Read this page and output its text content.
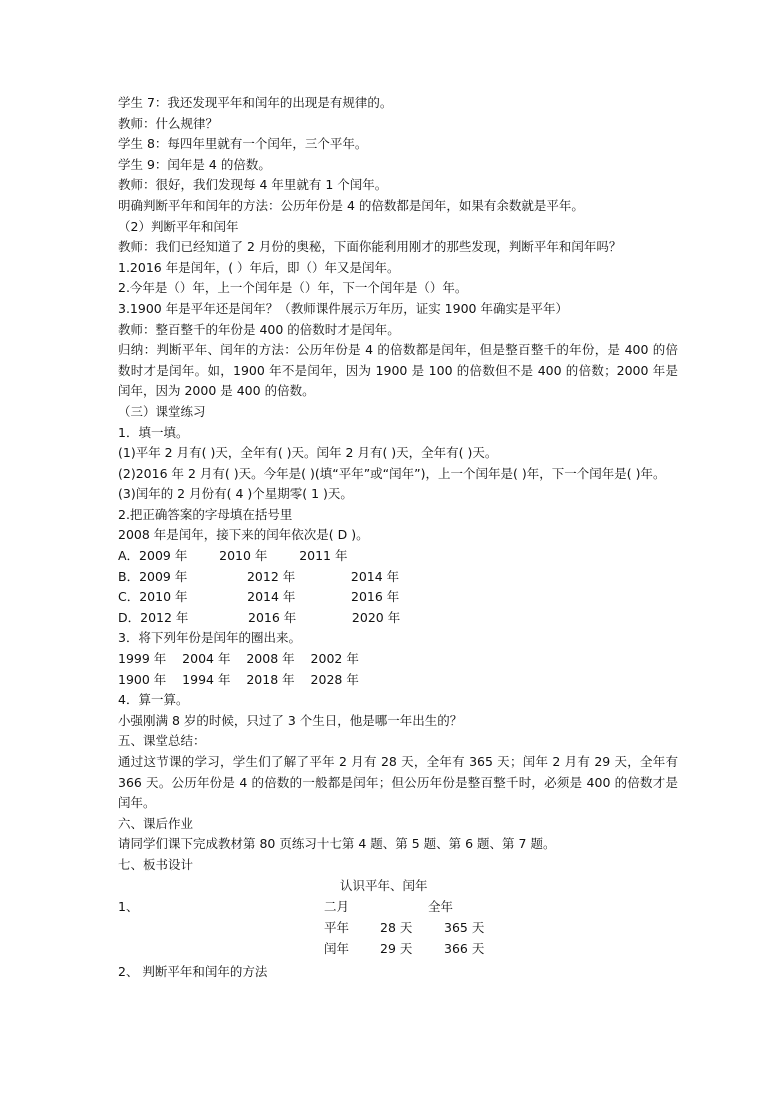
学生 7：我还发现平年和闰年的出现是有规律的。

教师：什么规律？

学生 8：每四年里就有一个闰年，三个平年。

学生 9：闰年是 4 的倍数。

教师：很好，我们发现每 4 年里就有 1 个闰年。

明确判断平年和闰年的方法：公历年份是 4 的倍数都是闰年，如果有余数就是平年。

（2）判断平年和闰年

教师：我们已经知道了 2 月份的奥秘，下面你能利用刚才的那些发现，判断平年和闰年吗？

1.2016 年是闰年，( ）年后，即（）年又是闰年。

2.今年是（）年，上一个闰年是（）年，下一个闰年是（）年。

3.1900 年是平年还是闰年？（教师课件展示万年历，证实 1900 年确实是平年）

教师：整百整千的年份是 400 的倍数时才是闰年。

归纳：判断平年、闰年的方法：公历年份是 4 的倍数都是闰年，但是整百整千的年份，是 400 的倍数时才是闰年。如，1900 年不是闰年，因为 1900 是 100 的倍数但不是 400 的倍数；2000 年是闰年，因为 2000 是 400 的倍数。

（三）课堂练习

1．填一填。

(1)平年 2 月有( )天，全年有( )天。闰年 2 月有( )天，全年有( )天。

(2)2016 年 2 月有( )天。今年是( )(填“平年”或“闰年”)，上一个闰年是( )年，下一个闰年是( )年。

(3)闰年的 2 月份有( 4 )个星期零( 1 )天。

2.把正确答案的字母填在括号里

2008 年是闰年，接下来的闰年依次是( D )。

A．2009 年        2010 年        2011 年

B．2009 年               2012 年              2014 年

C．2010 年               2014 年              2016 年

D．2012 年               2016 年              2020 年

3．将下列年份是闰年的圈出来。

1999 年    2004 年    2008 年    2002 年

1900 年    1994 年    2018 年    2028 年

4．算一算。

小强刚满 8 岁的时候，只过了 3 个生日，他是哪一年出生的？

五、课堂总结：

通过这节课的学习，学生们了解了平年 2 月有 28 天，全年有 365 天；闰年 2 月有 29 天，全年有 366 天。公历年份是 4 的倍数的一般都是闰年；但公历年份是整百整千时，必须是 400 的倍数才是闰年。

六、课后作业

请同学们课下完成教材第 80 页练习十七第 4 题、第 5 题、第 6 题、第 7 题。

七、板书设计

认识平年、闰年
1、	二月	全年
平年 28 天	365 天
闰年 29 天	366 天

2、 判断平年和闰年的方法
